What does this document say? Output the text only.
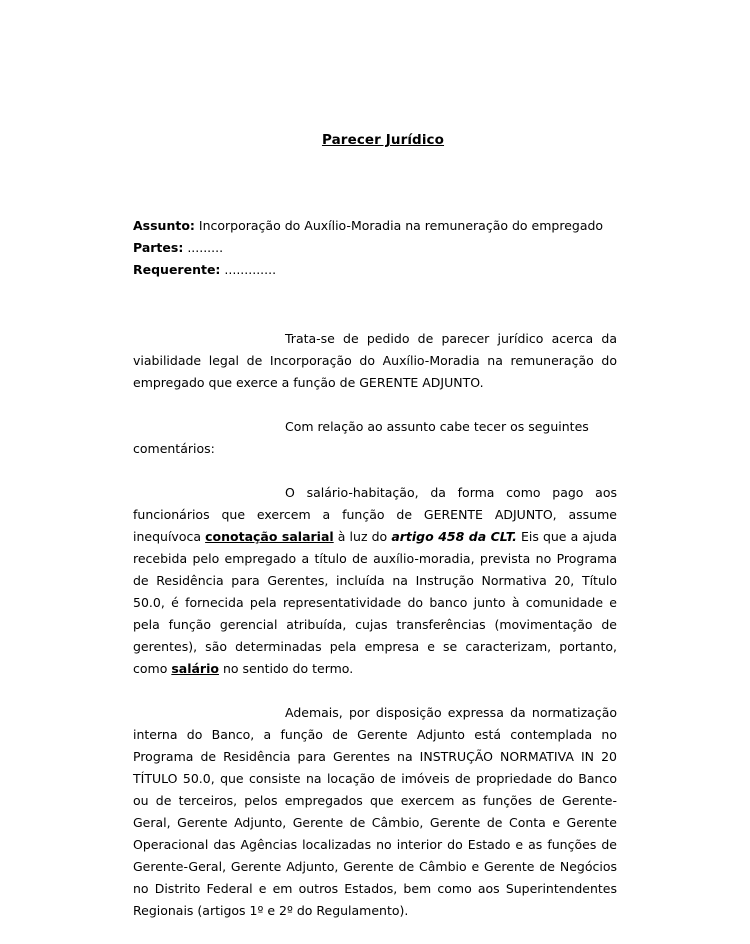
Parecer Jurídico
Assunto: Incorporação do Auxílio-Moradia na remuneração do empregado
Partes: .........
Requerente: .............

Trata-se de pedido de parecer jurídico acerca da viabilidade legal de Incorporação do Auxílio-Moradia na remuneração do empregado que exerce a função de GERENTE ADJUNTO.

Com relação ao assunto cabe tecer os seguintes comentários:

O salário-habitação, da forma como pago aos funcionários que exercem a função de GERENTE ADJUNTO, assume inequívoca conotação salarial à luz do artigo 458 da CLT. Eis que a ajuda recebida pelo empregado a título de auxílio-moradia, prevista no Programa de Residência para Gerentes, incluída na Instrução Normativa 20, Título 50.0, é fornecida pela representatividade do banco junto à comunidade e pela função gerencial atribuída, cujas transferências (movimentação de gerentes), são determinadas pela empresa e se caracterizam, portanto, como salário no sentido do termo.

Ademais, por disposição expressa da normatização interna do Banco, a função de Gerente Adjunto está contemplada no Programa de Residência para Gerentes na INSTRUÇÃO NORMATIVA IN 20 TÍTULO 50.0, que consiste na locação de imóveis de propriedade do Banco ou de terceiros, pelos empregados que exercem as funções de Gerente-Geral, Gerente Adjunto, Gerente de Câmbio, Gerente de Conta e Gerente Operacional das Agências localizadas no interior do Estado e as funções de Gerente-Geral, Gerente Adjunto, Gerente de Câmbio e Gerente de Negócios no Distrito Federal e em outros Estados, bem como aos Superintendentes Regionais (artigos 1º e 2º do Regulamento).
